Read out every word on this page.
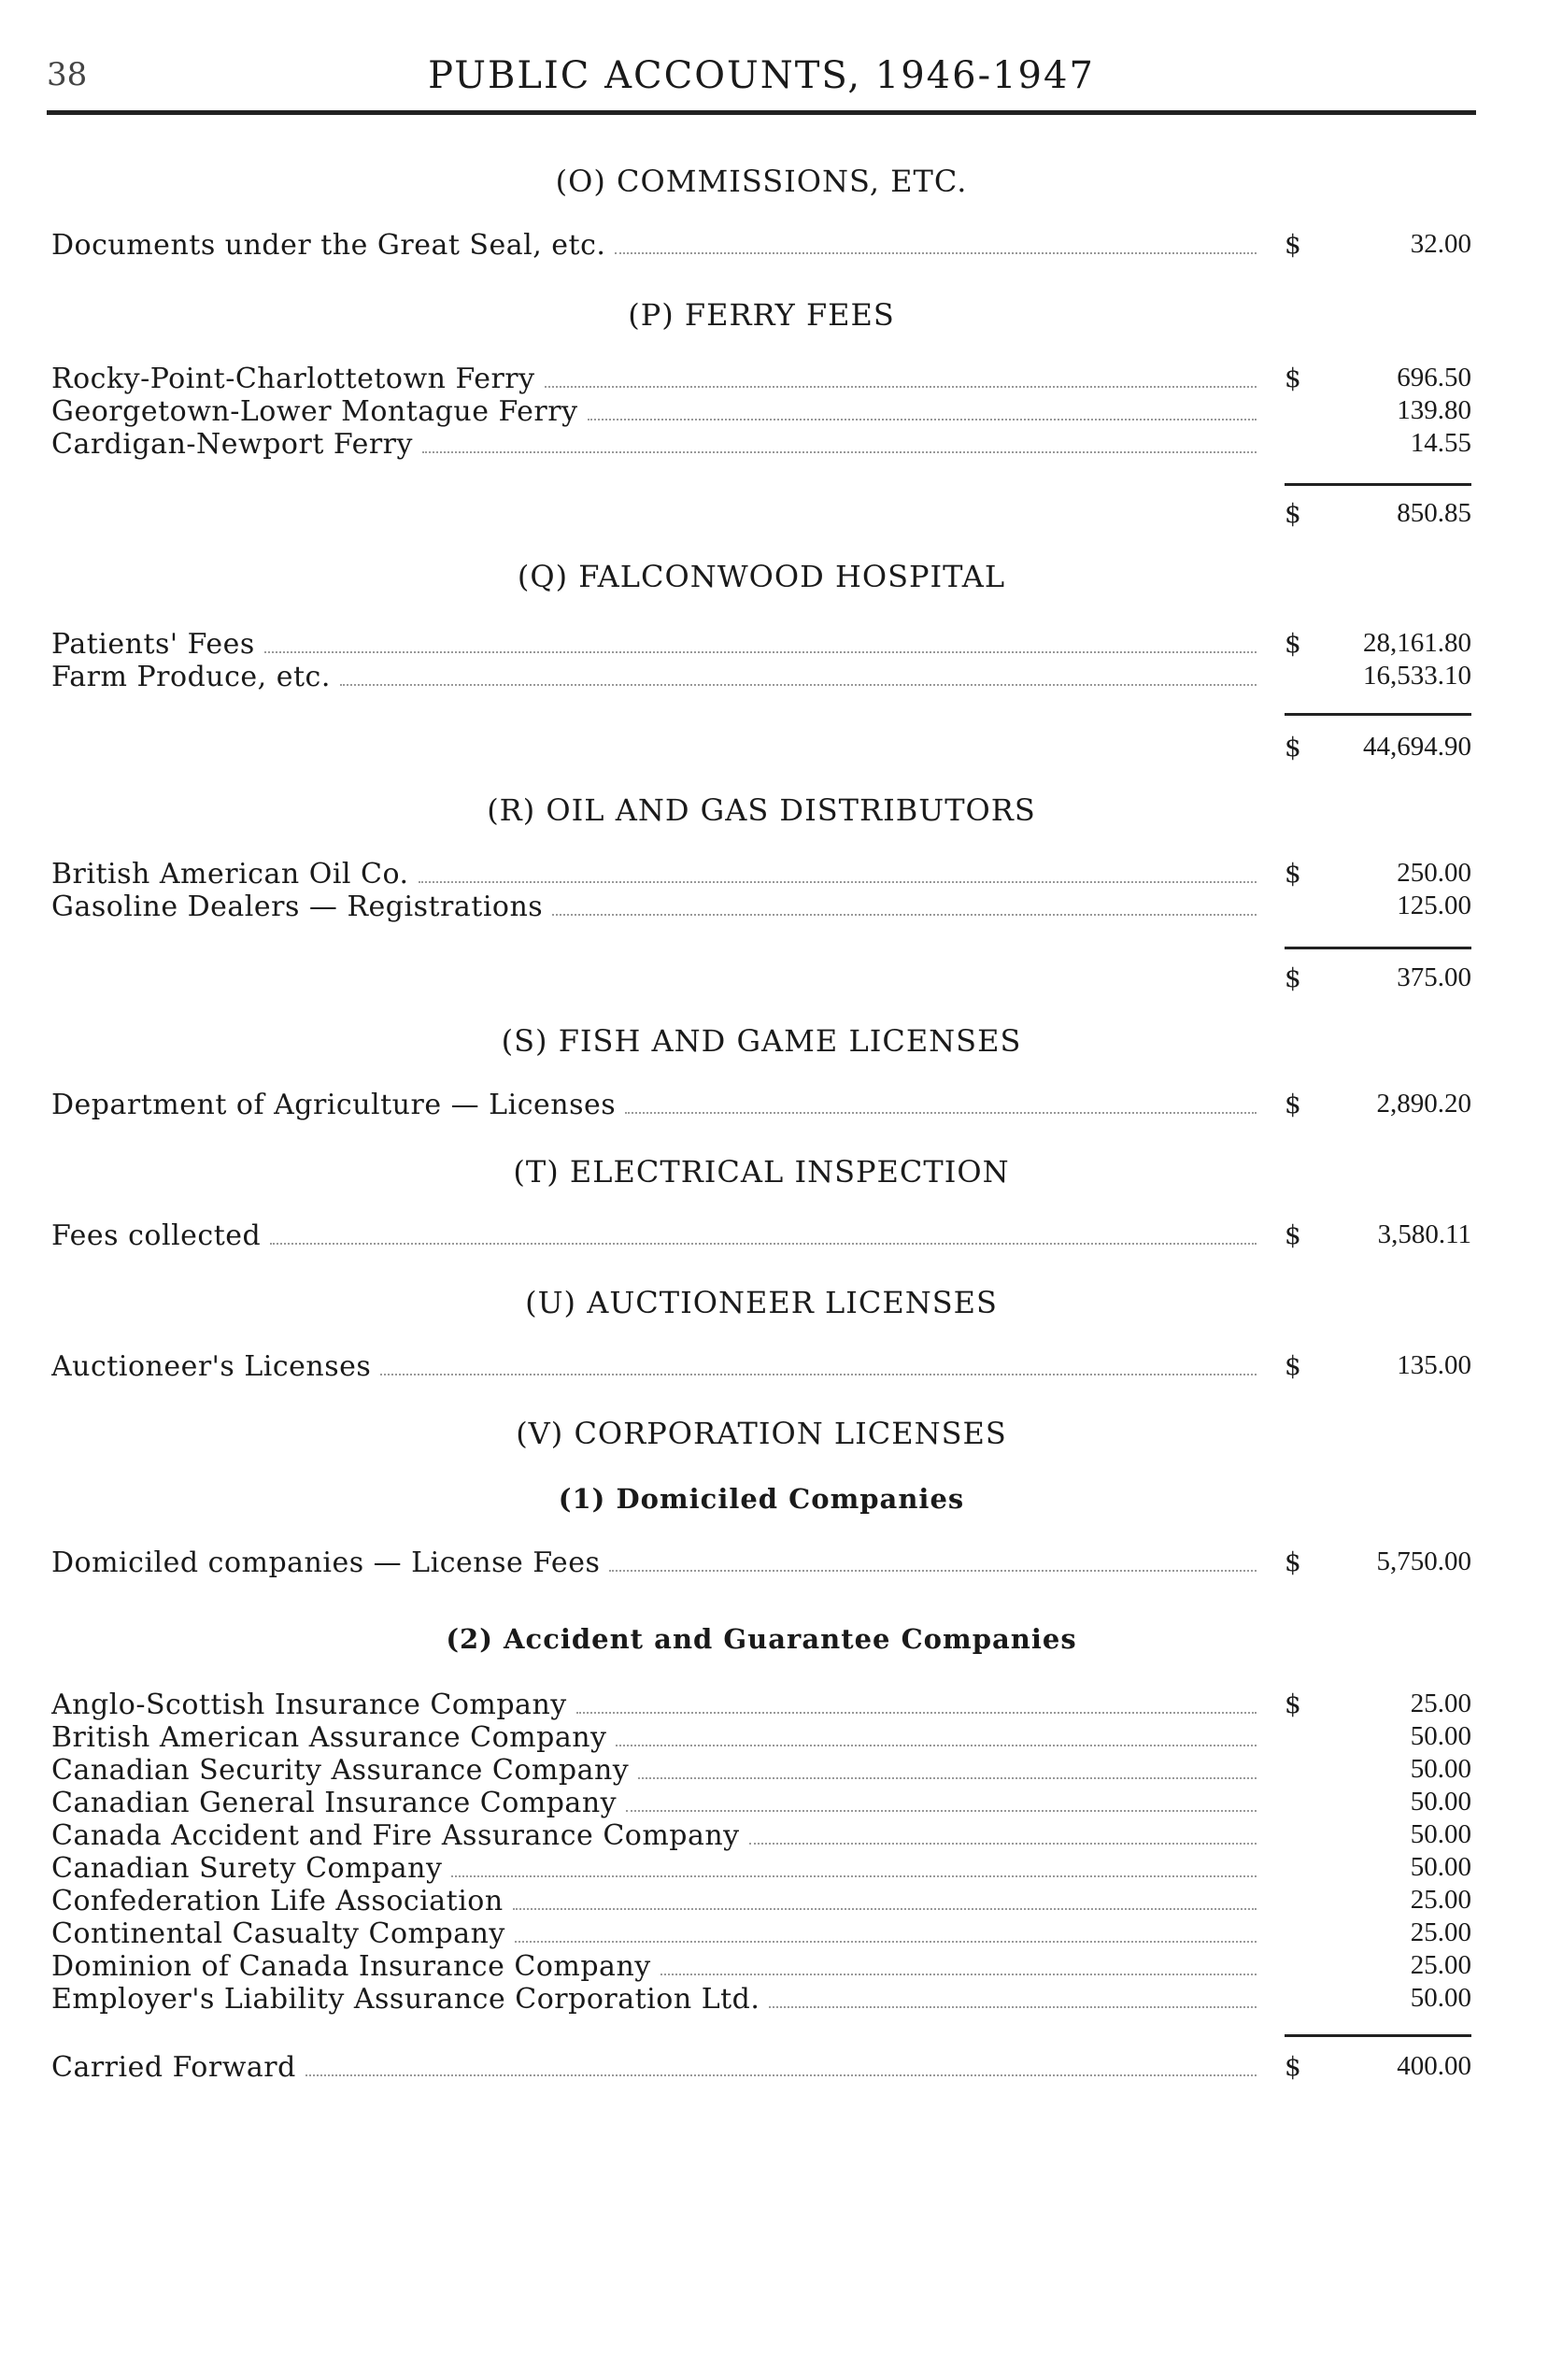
38	PUBLIC ACCOUNTS, 1946-1947
(O) COMMISSIONS, ETC.
Documents under the Great Seal, etc.	$	32.00
(P) FERRY FEES
Rocky-Point-Charlottetown Ferry	$	696.50
Georgetown-Lower Montague Ferry	139.80
Cardigan-Newport Ferry	14.55
$	850.85
(Q) FALCONWOOD HOSPITAL
Patients' Fees	$	28,161.80
Farm Produce, etc.	16,533.10
$	44,694.90
(R) OIL AND GAS DISTRIBUTORS
British American Oil Co.	$	250.00
Gasoline Dealers — Registrations	125.00
$	375.00
(S) FISH AND GAME LICENSES
Department of Agriculture — Licenses	$	2,890.20
(T) ELECTRICAL INSPECTION
Fees collected	$	3,580.11
(U) AUCTIONEER LICENSES
Auctioneer's Licenses	$	135.00
(V) CORPORATION LICENSES
(1) Domiciled Companies
Domiciled companies — License Fees	$	5,750.00
(2) Accident and Guarantee Companies
Anglo-Scottish Insurance Company	$	25.00
British American Assurance Company	50.00
Canadian Security Assurance Company	50.00
Canadian General Insurance Company	50.00
Canada Accident and Fire Assurance Company	50.00
Canadian Surety Company	50.00
Confederation Life Association	25.00
Continental Casualty Company	25.00
Dominion of Canada Insurance Company	25.00
Employer's Liability Assurance Corporation Ltd.	50.00
Carried Forward	$	400.00
